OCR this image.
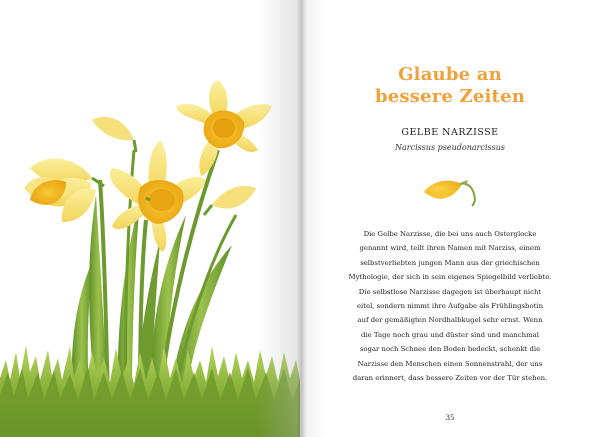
Glaube an
bessere Zeiten
GELBE NARZISSE
Narcissus pseudonarcissus
Die Gelbe Narzisse, die bei uns auch Osterglocke
genannt wird, teilt ihren Namen mit Narziss, einem
selbstverliebten jungen Mann aus der griechischen
Mythologie, der sich in sein eigenes Spiegelbild verliebte.
Die selbstlose Narzisse dagegen ist überhaupt nicht
eitel, sondern nimmt ihre Aufgabe als Frühlingsbotin
auf der gemäßigten Nordhalbkugel sehr ernst. Wenn
die Tage noch grau und düster sind und manchmal
sogar noch Schnee den Boden bedeckt, schenkt die
Narzisse den Menschen einen Sonnenstrahl, der uns
daran erinnert, dass bessere Zeiten vor der Tür stehen.
35
